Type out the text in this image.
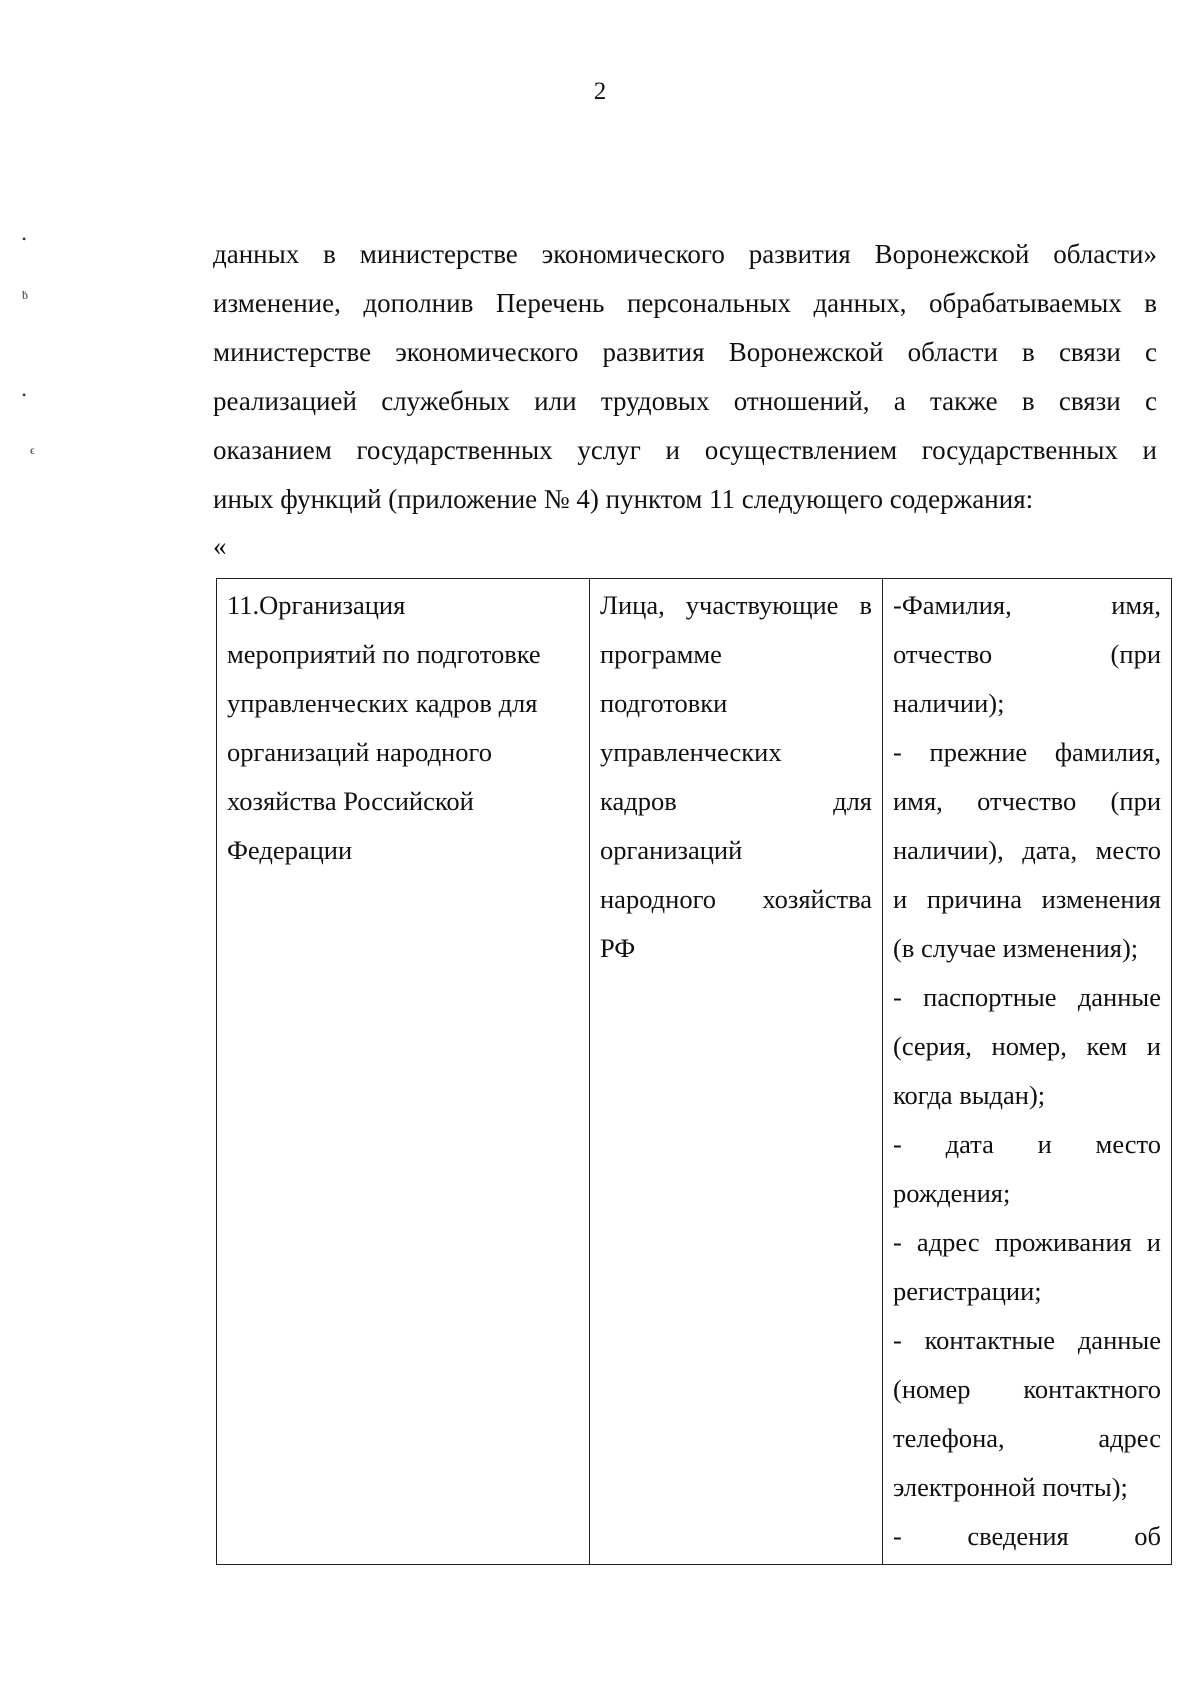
2
•
ḃ
•
ϵ
данных в министерстве экономического развития Воронежской области»
изменение, дополнив Перечень персональных данных, обрабатываемых в
министерстве экономического развития Воронежской области в связи с
реализацией служебных или трудовых отношений, а также в связи с
оказанием государственных услуг и осуществлением государственных и
иных функций (приложение № 4) пунктом 11 следующего содержания:
«
11.Организация
мероприятий по подготовке
управленческих кадров для
организаций народного
хозяйства Российской
Федерации

Лица, участвующие в
программе
подготовки
управленческих
кадров для
организаций
народного хозяйства
РФ

-Фамилия, имя,
отчество (при
наличии);
- прежние фамилия,
имя, отчество (при
наличии), дата, место
и причина изменения
(в случае изменения);
- паспортные данные
(серия, номер, кем и
когда выдан);
- дата и место
рождения;
- адрес проживания и
регистрации;
- контактные данные
(номер контактного
телефона, адрес
электронной почты);
- сведения об
